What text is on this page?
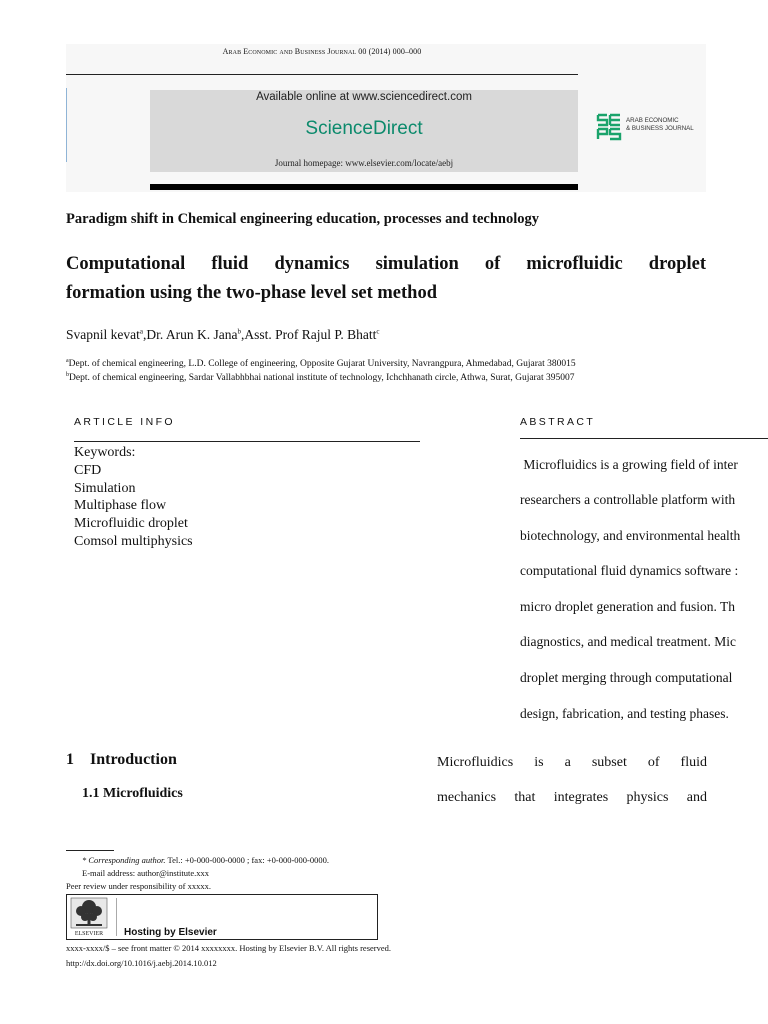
Arab Economic and Business Journal 00 (2014) 000–000
Available online at www.sciencedirect.com
ScienceDirect
Journal homepage: www.elsevier.com/locate/aebj
ARAB ECONOMIC
& BUSINESS JOURNAL
Paradigm shift in Chemical engineering education, processes and technology
Computational fluid dynamics simulation of microfluidic droplet
formation using the two-phase level set method
Svapnil kevat$^a$,Dr. Arun K. Jana$^b$,Asst. Prof Rajul P. Bhatt$^c$
$^a$Dept. of chemical engineering, L.D. College of engineering, Opposite Gujarat University, Navrangpura, Ahmedabad, Gujarat 380015
$^b$Dept. of chemical engineering, Sardar Vallabhbhai national institute of technology, Ichchhanath circle, Athwa, Surat, Gujarat 395007
ARTICLE INFO
Keywords:
CFD
Simulation
Multiphase flow
Microfluidic droplet
Comsol multiphysics
ABSTRACT
Microfluidics is a growing field of inter
researchers a controllable platform with
biotechnology, and environmental health
computational fluid dynamics software :
micro droplet generation and fusion. Th
diagnostics, and medical treatment. Mic
droplet merging through computational
design, fabrication, and testing phases.
1 Introduction
1.1 Microfluidics
Microfluidics is a subset of fluid
mechanics that integrates physics and
* Corresponding author. Tel.: +0-000-000-0000 ; fax: +0-000-000-0000.
E-mail address: author@institute.xxx
Peer review under responsibility of xxxxx.
ELSEVIER Hosting by Elsevier
xxxx-xxxx/$ – see front matter © 2014 xxxxxxxx. Hosting by Elsevier B.V. All rights reserved.
http://dx.doi.org/10.1016/j.aebj.2014.10.012
